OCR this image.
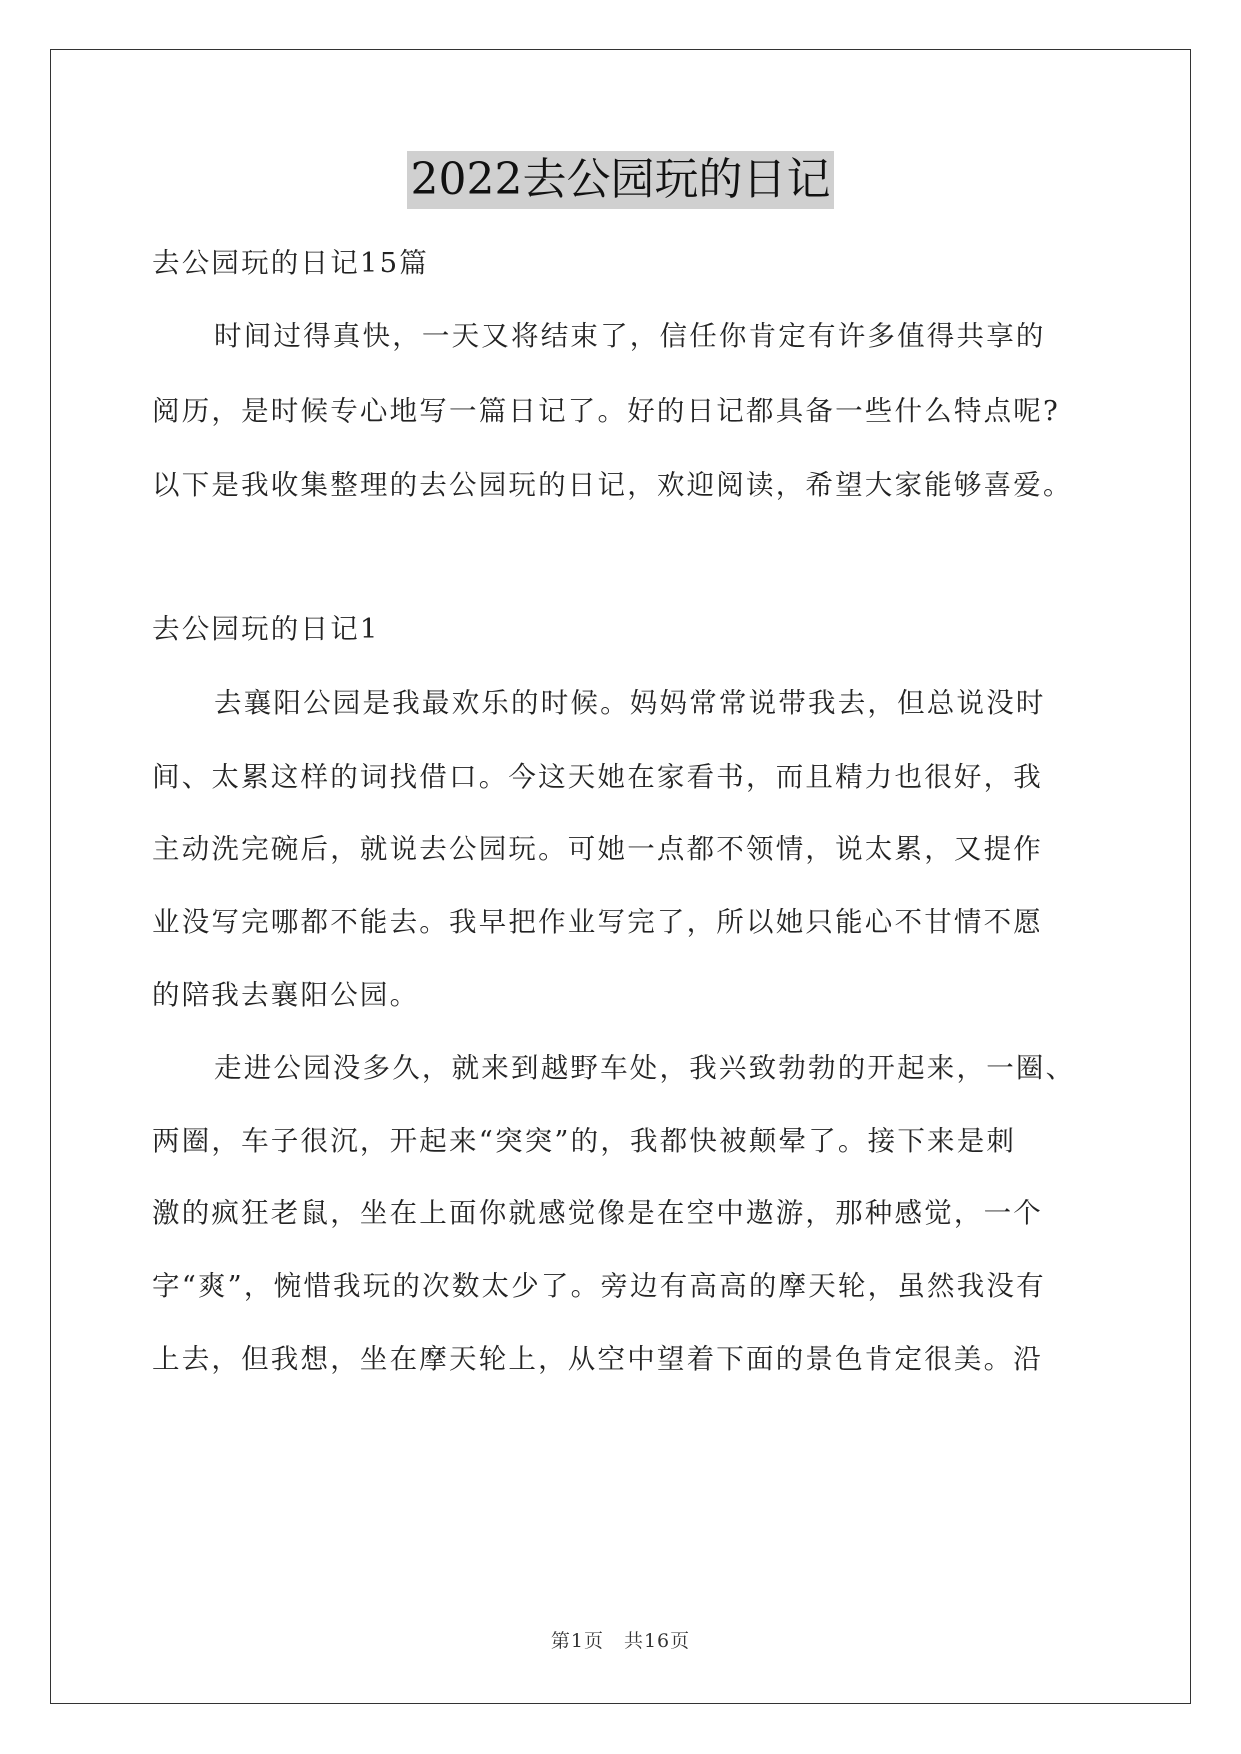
2022去公园玩的日记
去公园玩的日记15篇
时间过得真快，一天又将结束了，信任你肯定有许多值得共享的
阅历，是时候专心地写一篇日记了。好的日记都具备一些什么特点呢?
以下是我收集整理的去公园玩的日记，欢迎阅读，希望大家能够喜爱。
去公园玩的日记1
去襄阳公园是我最欢乐的时候。妈妈常常说带我去，但总说没时
间、太累这样的词找借口。今这天她在家看书，而且精力也很好，我
主动洗完碗后，就说去公园玩。可她一点都不领情，说太累，又提作
业没写完哪都不能去。我早把作业写完了，所以她只能心不甘情不愿
的陪我去襄阳公园。
走进公园没多久，就来到越野车处，我兴致勃勃的开起来，一圈、
两圈，车子很沉，开起来“突突”的，我都快被颠晕了。接下来是刺
激的疯狂老鼠，坐在上面你就感觉像是在空中遨游，那种感觉，一个
字“爽”，惋惜我玩的次数太少了。旁边有高高的摩天轮，虽然我没有
上去，但我想，坐在摩天轮上，从空中望着下面的景色肯定很美。沿
第1页　共16页
